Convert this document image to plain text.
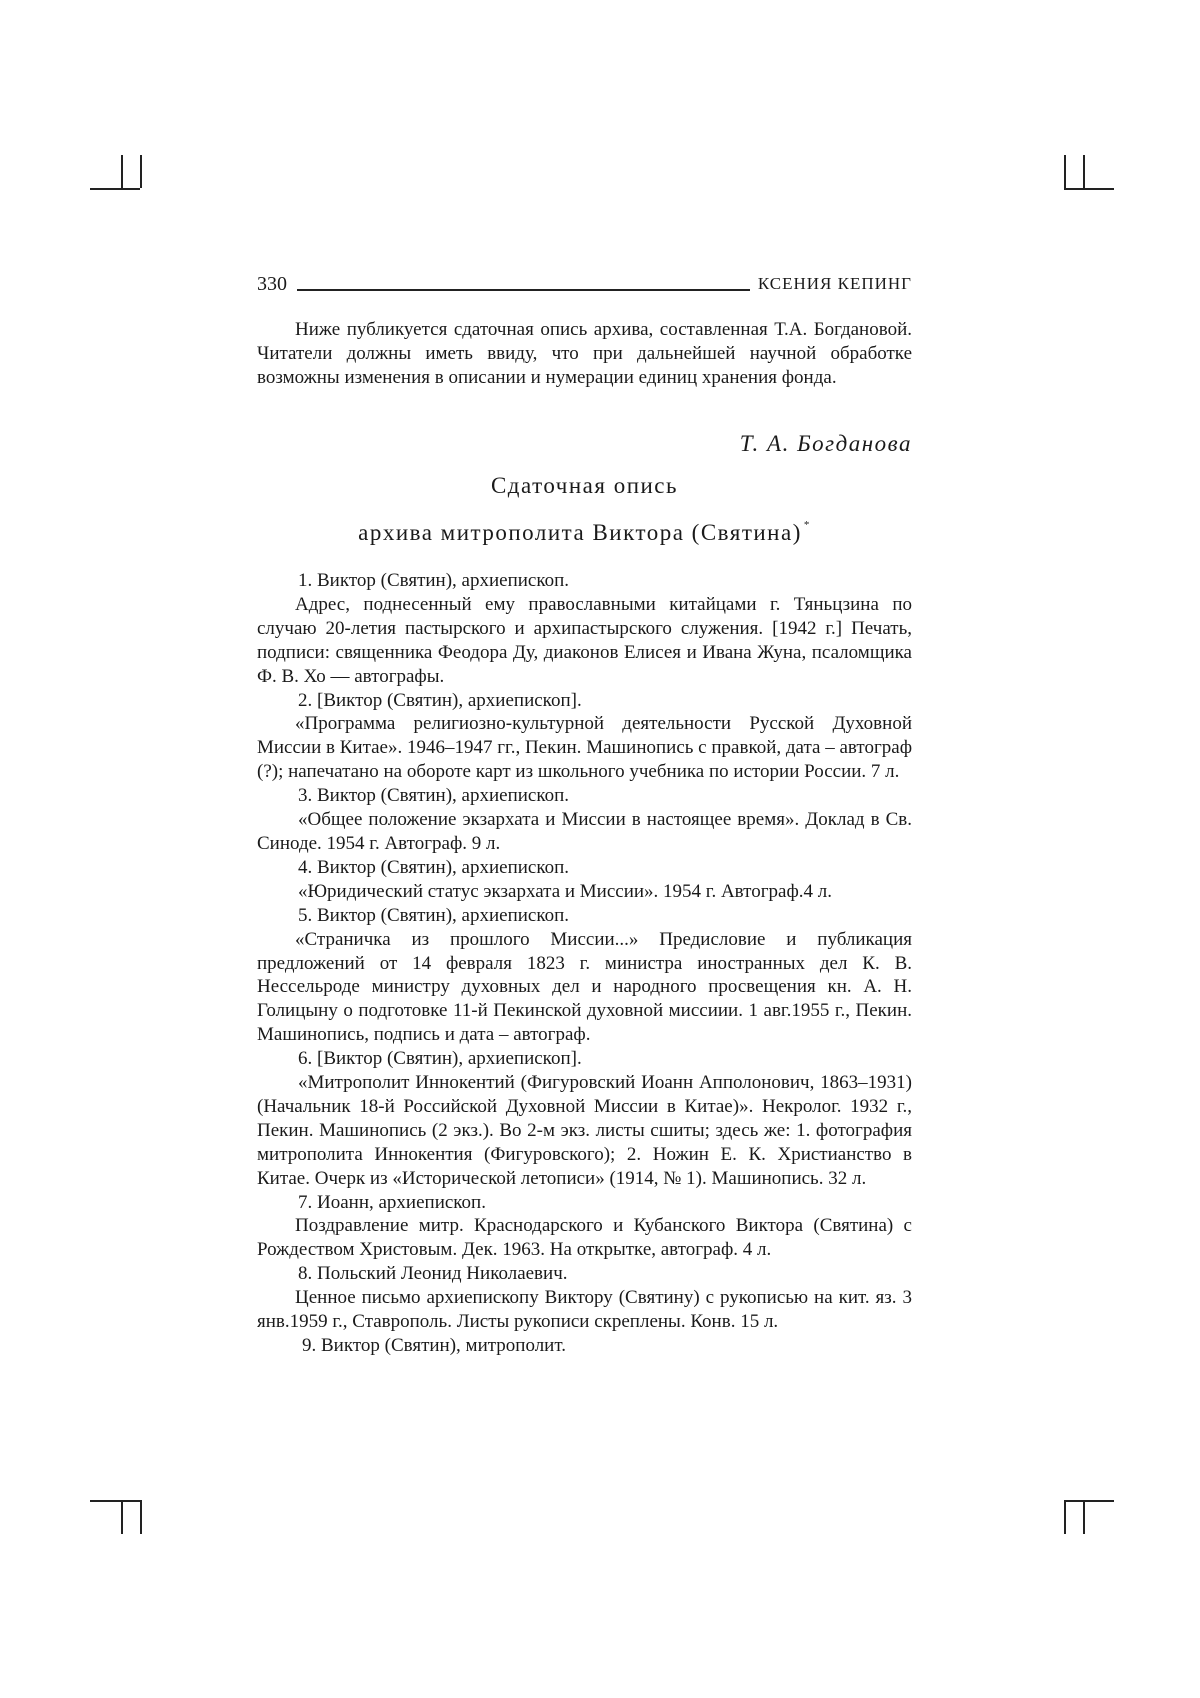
330	КСЕНИЯ КЕПИНГ

Ниже публикуется сдаточная опись архива, составленная Т.А. Богдановой. Читатели должны иметь ввиду, что при дальнейшей научной обработке возможны изменения в описании и нумерации единиц хранения фонда.

Т. А. Богданова
Сдаточная опись
архива митрополита Виктора (Святина) *

1. Виктор (Святин), архиепископ.

Адрес, поднесенный ему православными китайцами г. Тяньцзина по случаю 20-летия пастырского и архипастырского служения. [1942 г.] Печать, подписи: священника Феодора Ду, диаконов Елисея и Ивана Жуна, псаломщика Ф. В. Хо — автографы.

2. [Виктор (Святин), архиепископ].

«Программа религиозно-культурной деятельности Русской Духовной Миссии в Китае». 1946–1947 гг., Пекин. Машинопись с правкой, дата – автограф (?); напечатано на обороте карт из школьного учебника по истории России. 7 л.

3. Виктор (Святин), архиепископ.

«Общее положение экзархата и Миссии в настоящее время». Доклад в Св. Синоде. 1954 г. Автограф. 9 л.

4. Виктор (Святин), архиепископ.

«Юридический статус экзархата и Миссии». 1954 г. Автограф.4 л.

5. Виктор (Святин), архиепископ.

«Страничка из прошлого Миссии...» Предисловие и публикация предложений от 14 февраля 1823 г. министра иностранных дел К. В. Нессельроде министру духовных дел и народного просвещения кн. А. Н. Голицыну о подготовке 11-й Пекинской духовной миссиии. 1 авг.1955 г., Пекин. Машинопись, подпись и дата – автограф.

6. [Виктор (Святин), архиепископ].

«Митрополит Иннокентий (Фигуровский Иоанн Апполонович, 1863–1931) (Начальник 18-й Российской Духовной Миссии в Китае)». Некролог. 1932 г., Пекин. Машинопись (2 экз.). Во 2-м экз. листы сшиты; здесь же: 1. фотография митрополита Иннокентия (Фигуровского); 2. Ножин Е. К. Христианство в Китае. Очерк из «Исторической летописи» (1914, № 1). Машинопись. 32 л.

7. Иоанн, архиепископ.

Поздравление митр. Краснодарского и Кубанского Виктора (Святина) с Рождеством Христовым. Дек. 1963. На открытке, автограф. 4 л.

8. Польский Леонид Николаевич.

Ценное письмо архиепископу Виктору (Святину) с рукописью на кит. яз. 3 янв.1959 г., Ставрополь. Листы рукописи скреплены. Конв. 15 л.

9. Виктор (Святин), митрополит.
